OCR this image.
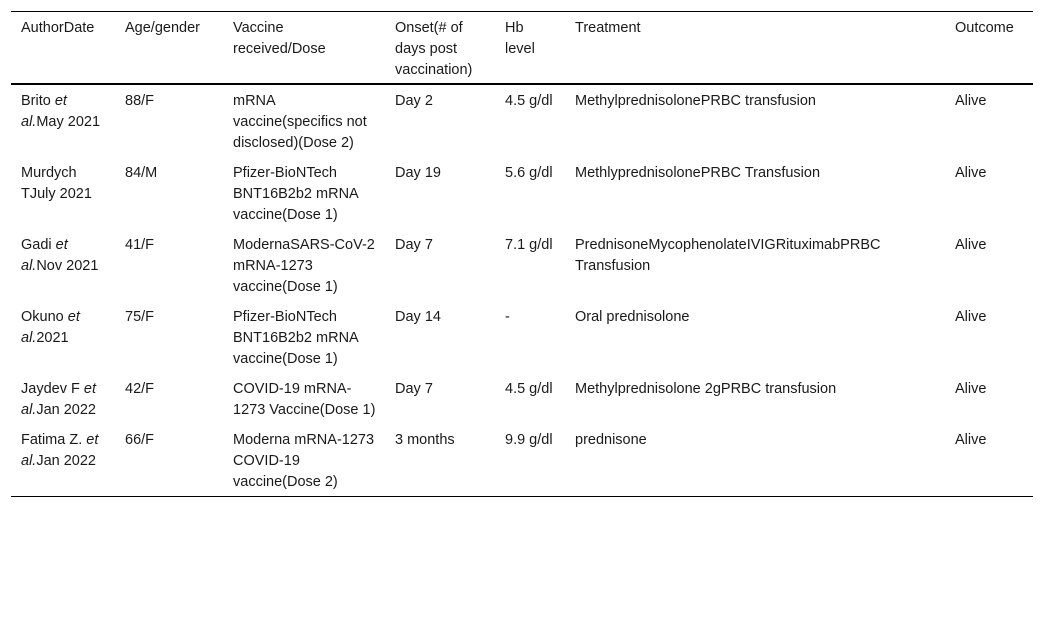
AuthorDate	Age/gender	Vaccine received/Dose	Onset(# of days post vaccination)	Hb level	Treatment	Outcome
Brito et al.May 2021	88/F	mRNA vaccine(specifics not disclosed)(Dose 2)	Day 2	4.5 g/dl	MethylprednisolonePRBC transfusion	Alive
Murdych TJuly 2021	84/M	Pfizer-BioNTech BNT16B2b2 mRNA vaccine(Dose 1)	Day 19	5.6 g/dl	MethlyprednisolonePRBC Transfusion	Alive
Gadi et al.Nov 2021	41/F	ModernaSARS-CoV-2 mRNA-1273 vaccine(Dose 1)	Day 7	7.1 g/dl	PrednisoneMycophenolateIVIGRituximabPRBC Transfusion	Alive
Okuno et al.2021	75/F	Pfizer-BioNTech BNT16B2b2 mRNA vaccine(Dose 1)	Day 14	-	Oral prednisolone	Alive
Jaydev F et al.Jan 2022	42/F	COVID-19 mRNA-1273 Vaccine(Dose 1)	Day 7	4.5 g/dl	Methylprednisolone 2gPRBC transfusion	Alive
Fatima Z. et al.Jan 2022	66/F	Moderna mRNA-1273 COVID-19 vaccine(Dose 2)	3 months	9.9 g/dl	prednisone	Alive
